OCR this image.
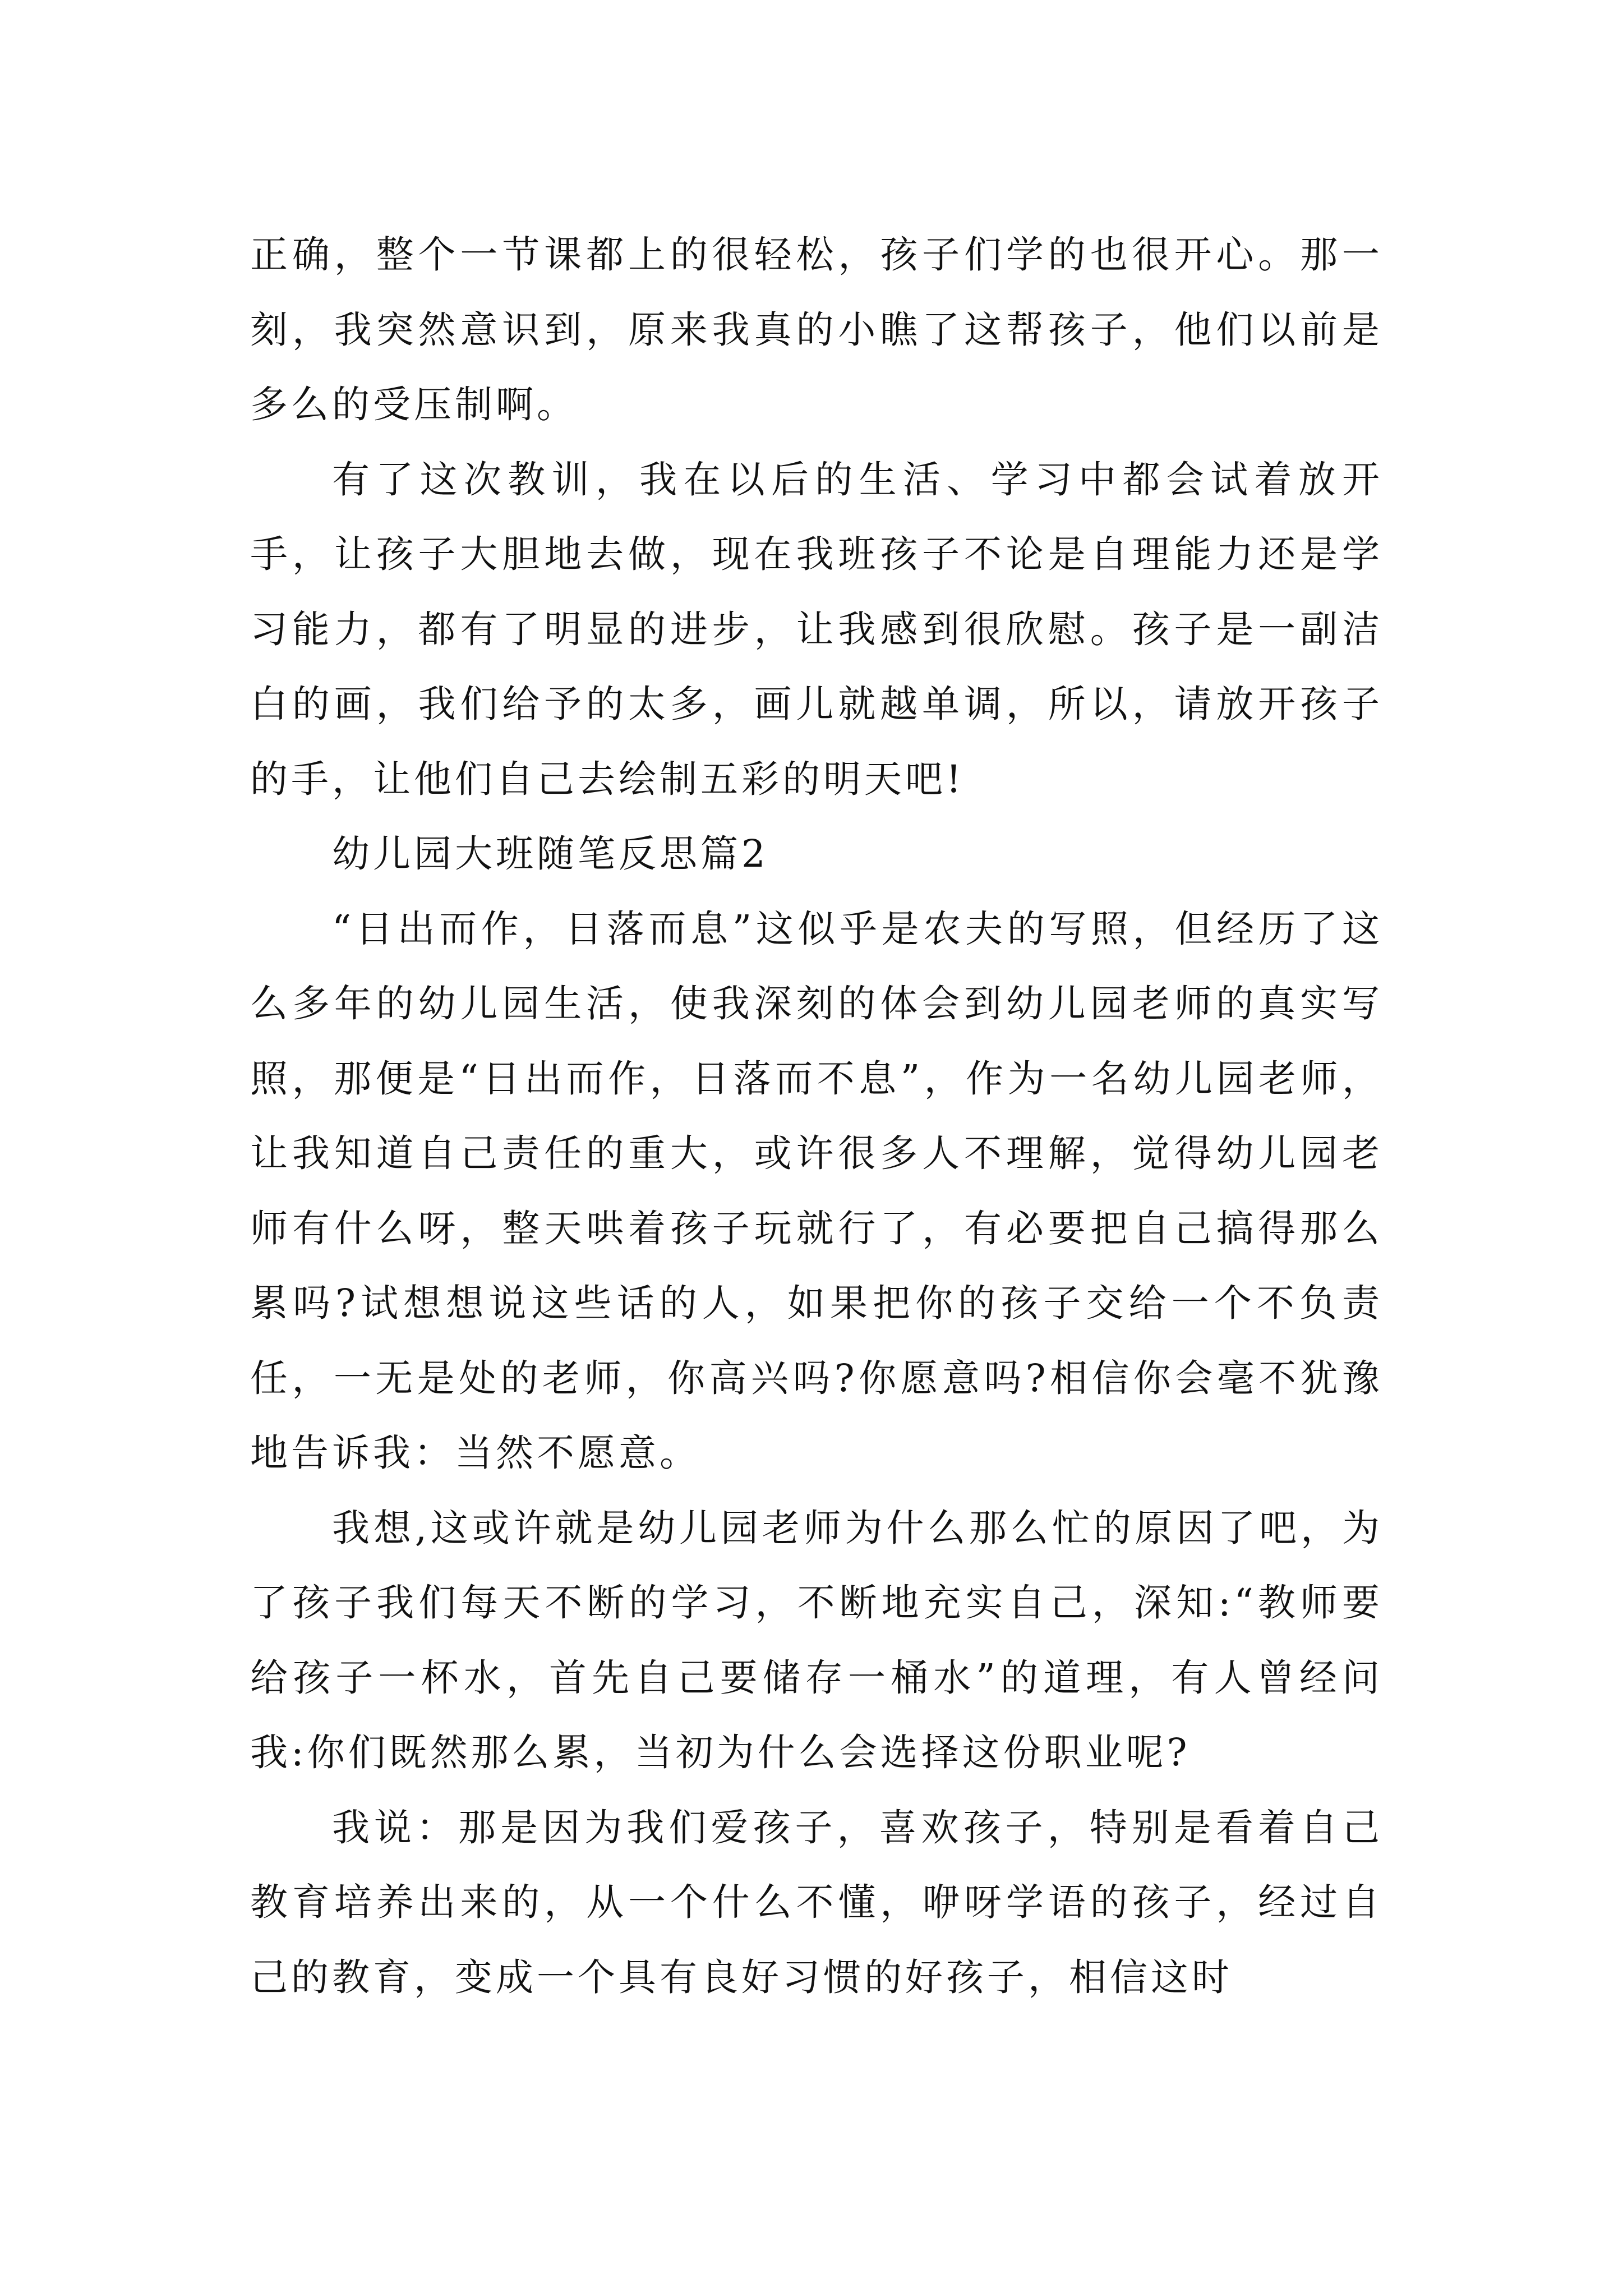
正确，整个一节课都上的很轻松，孩子们学的也很开心。那一刻，我突然意识到，原来我真的小瞧了这帮孩子，他们以前是多么的受压制啊。

有了这次教训，我在以后的生活、学习中都会试着放开手，让孩子大胆地去做，现在我班孩子不论是自理能力还是学习能力，都有了明显的进步，让我感到很欣慰。孩子是一副洁白的画，我们给予的太多，画儿就越单调，所以，请放开孩子的手，让他们自己去绘制五彩的明天吧!

幼儿园大班随笔反思篇2

“日出而作，日落而息”这似乎是农夫的写照，但经历了这么多年的幼儿园生活，使我深刻的体会到幼儿园老师的真实写照，那便是“日出而作，日落而不息”，作为一名幼儿园老师，让我知道自己责任的重大，或许很多人不理解，觉得幼儿园老师有什么呀，整天哄着孩子玩就行了，有必要把自己搞得那么累吗?试想想说这些话的人，如果把你的孩子交给一个不负责任，一无是处的老师，你高兴吗?你愿意吗?相信你会毫不犹豫地告诉我：当然不愿意。

我想,这或许就是幼儿园老师为什么那么忙的原因了吧，为了孩子我们每天不断的学习，不断地充实自己，深知:“教师要给孩子一杯水，首先自己要储存一桶水”的道理，有人曾经问我:你们既然那么累，当初为什么会选择这份职业呢?

我说：那是因为我们爱孩子，喜欢孩子，特别是看着自己教育培养出来的，从一个什么不懂，咿呀学语的孩子，经过自己的教育，变成一个具有良好习惯的好孩子，相信这时
